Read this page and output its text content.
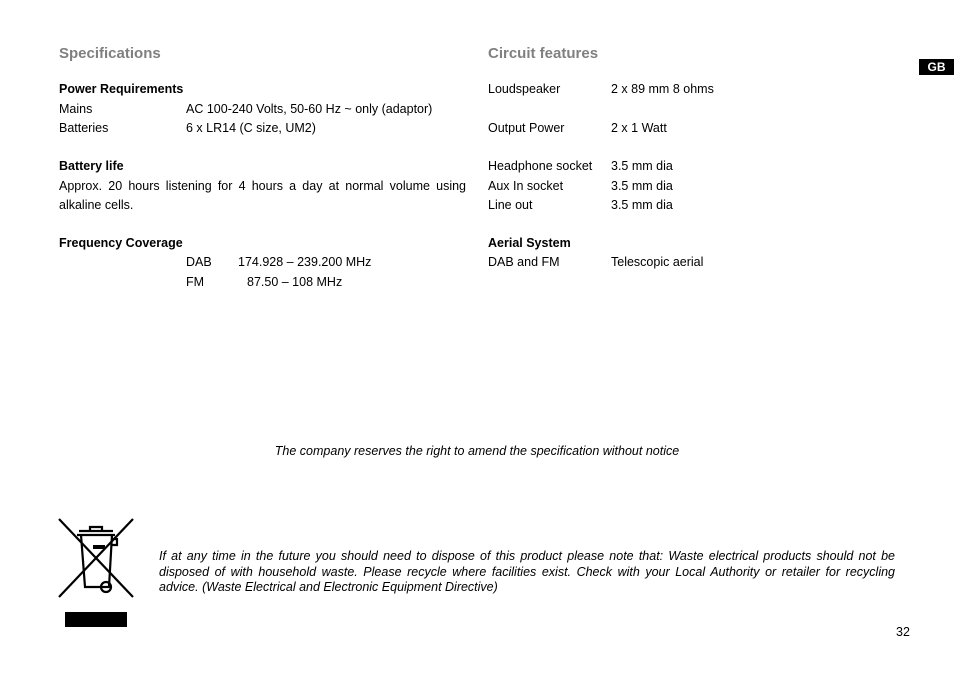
GB
Specifications
Power Requirements
Mains	AC 100-240 Volts, 50-60 Hz ~ only (adaptor)
Batteries	6 x LR14 (C size, UM2)
Battery life
Approx. 20 hours listening for 4 hours a day at normal volume using
alkaline cells.
Frequency Coverage
DAB 174.928 – 239.200 MHz
FM	87.50 – 108 MHz
Circuit features
Loudspeaker	2 x 89 mm 8 ohms
Output Power	2 x 1 Watt
Headphone socket 3.5 mm dia
Aux In socket	3.5 mm dia
Line out	3.5 mm dia
Aerial System
DAB and FM	Telescopic aerial
The company reserves the right to amend the specification without notice
If at any time in the future you should need to dispose of this product please note that: Waste electrical products should not be
disposed of with household waste. Please recycle where facilities exist. Check with your Local Authority or retailer for recycling
advice. (Waste Electrical and Electronic Equipment Directive)
32
